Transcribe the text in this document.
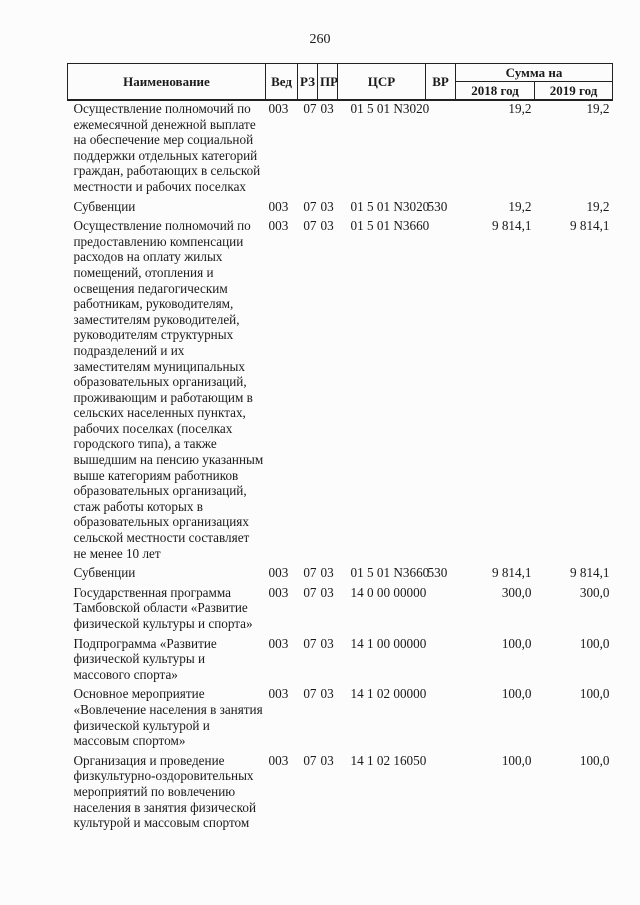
260
Наименование	Вед	РЗ	ПР	ЦСР	ВР	Сумма на	
						2018 год	2019 год
Осуществление полномочий по ежемесячной денежной выплате на обеспечение мер социальной поддержки отдельных категорий граждан, работающих в сельской местности и рабочих поселках	003	07	03	01 5 01 N3020		19,2	19,2
Субвенции	003	07	03	01 5 01 N3020	530	19,2	19,2
Осуществление полномочий по предоставлению компенсации расходов на оплату жилых помещений, отопления и освещения педагогическим работникам, руководителям, заместителям руководителей, руководителям структурных подразделений и их заместителям муниципальных образовательных организаций, проживающим и работающим в сельских населенных пунктах, рабочих поселках (поселках городского типа), а также вышедшим на пенсию указанным выше категориям работников образовательных организаций, стаж работы которых в образовательных организациях сельской местности составляет не менее 10 лет	003	07	03	01 5 01 N3660		9 814,1	9 814,1
Субвенции	003	07	03	01 5 01 N3660	530	9 814,1	9 814,1
Государственная программа Тамбовской области «Развитие физической культуры и спорта»	003	07	03	14 0 00 00000		300,0	300,0
Подпрограмма «Развитие физической культуры и массового спорта»	003	07	03	14 1 00 00000		100,0	100,0
Основное мероприятие «Вовлечение населения в занятия физической культурой и массовым спортом»	003	07	03	14 1 02 00000		100,0	100,0
Организация и проведение физкультурно-оздоровительных мероприятий по вовлечению населения в занятия физической культурой и массовым спортом	003	07	03	14 1 02 16050		100,0	100,0
